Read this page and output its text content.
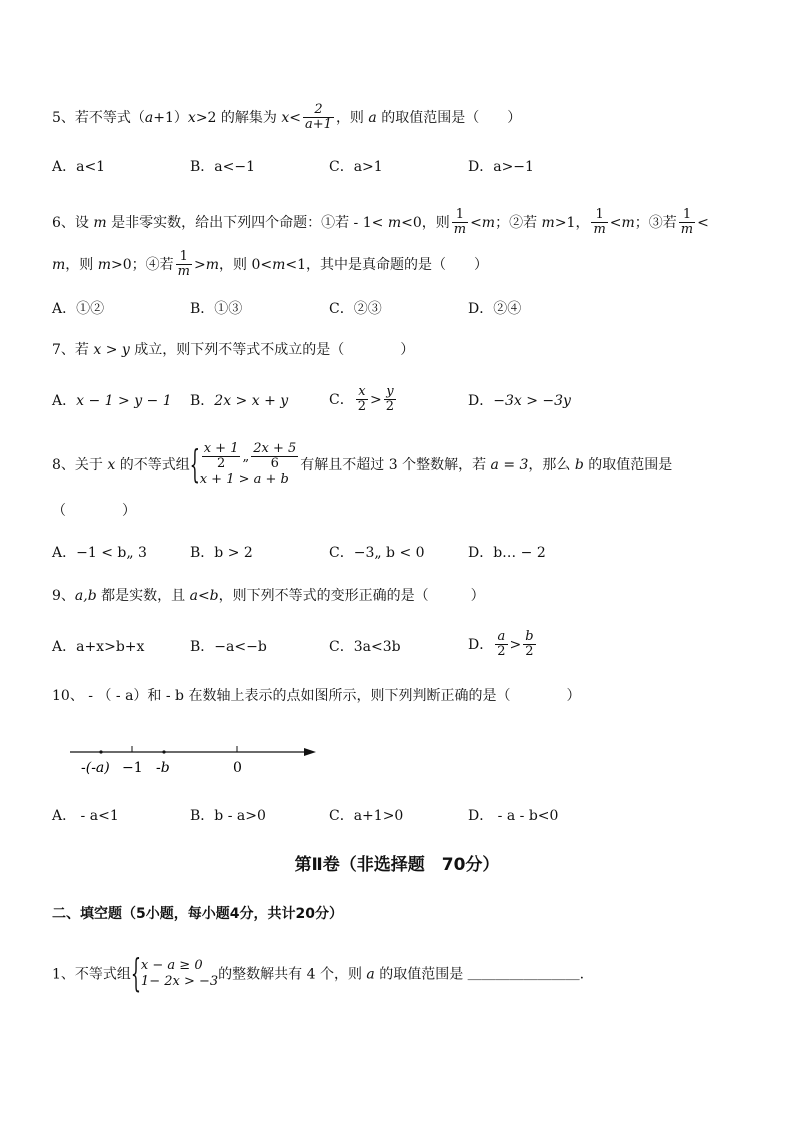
5、若不等式（a+1）x>2 的解集为 $x< \frac{2}{a+1}$ ，则 a 的取值范围是（　　）
A．a<1	B．a<−1	C．a>1	D．a>−1
6、设 m 是非零实数，给出下列四个命题：①若 - 1< m<0，则 $\frac{1}{m} <m$；②若 m>1， $\frac{1}{m} <m$；③若 $\frac{1}{m}$ <
m，则 m>0；④若 $\frac{1}{m} >m$，则 0<m<1，其中是真命题的是（　　）
A．①②	B．①③	C．②③	D．②④
7、若 x > y 成立，则下列不等式不成立的是（　　　　）
A．x − 1 > y − 1 B．2x > x + y	C． $\frac{x}{2} > \frac{y}{2}$	D．−3x > −3y
8、关于 x 的不等式组 { $\frac{x + 1}{2}$ „ $\frac{2x + 5}{6}$
x + 1 > a + b
有解且不超过 3 个整数解，若 a = 3，那么 b 的取值范围是
（　　　　）
A．−1 < b„ 3	B．b > 2	C．−3„ b < 0	D．b… − 2
9、a,b 都是实数，且 a<b，则下列不等式的变形正确的是（　　　）
A．a+x>b+x	B．−a<−b	C．3a<3b	D． $\frac{a}{2} > \frac{b}{2}$
10、 - （ - a）和 - b 在数轴上表示的点如图所示，则下列判断正确的是（　　　　）
-(-a) −1 -b	0
A． - a<1	B．b - a>0	C．a+1>0	D． - a - b<0
第Ⅱ卷（非选择题　70分）
二、填空题（5小题，每小题4分，共计20分）
1、不等式组 { x − a ≥ 0
1− 2x > −3 的整数解共有 4 个，则 a 的取值范围是 ＿＿＿＿＿＿＿＿.
